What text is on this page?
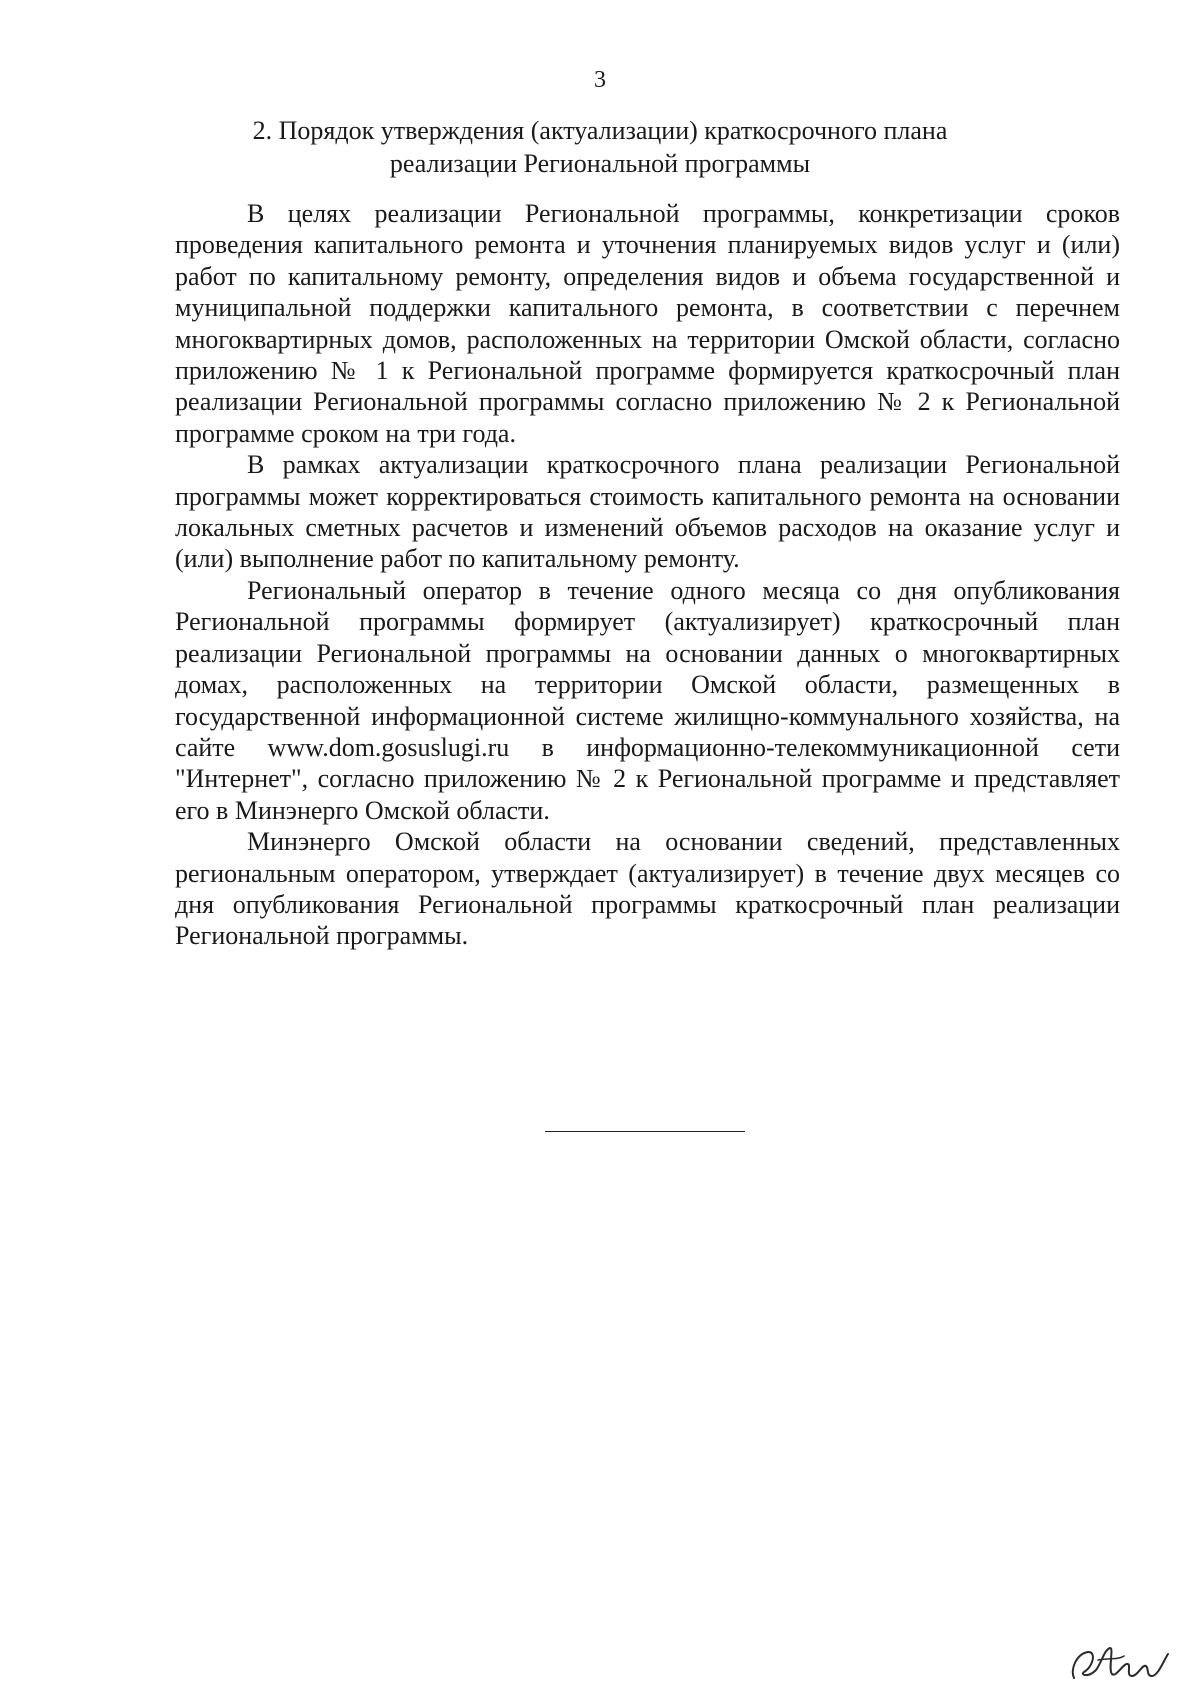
3
2. Порядок утверждения (актуализации) краткосрочного плана
реализации Региональной программы

В целях реализации Региональной программы, конкретизации сроков проведения капитального ремонта и уточнения планируемых видов услуг и (или) работ по капитальному ремонту, определения видов и объема государственной и муниципальной поддержки капитального ремонта, в соответствии с перечнем многоквартирных домов, расположенных на территории Омской области, согласно приложению № 1 к Региональной программе формируется краткосрочный план реализации Региональной программы согласно приложению № 2 к Региональной программе сроком на три года.

В рамках актуализации краткосрочного плана реализации Региональной программы может корректироваться стоимость капитального ремонта на основании локальных сметных расчетов и изменений объемов расходов на оказание услуг и (или) выполнение работ по капитальному ремонту.

Региональный оператор в течение одного месяца со дня опубликования Региональной программы формирует (актуализирует) краткосрочный план реализации Региональной программы на основании данных о многоквартирных домах, расположенных на территории Омской области, размещенных в государственной информационной системе жилищно-коммунального хозяйства, на сайте www.dom.gosuslugi.ru в информационно-телекоммуникационной сети "Интернет", согласно приложению № 2 к Региональной программе и представляет его в Минэнерго Омской области.

Минэнерго Омской области на основании сведений, представленных региональным оператором, утверждает (актуализирует) в течение двух месяцев со дня опубликования Региональной программы краткосрочный план реализации Региональной программы.
